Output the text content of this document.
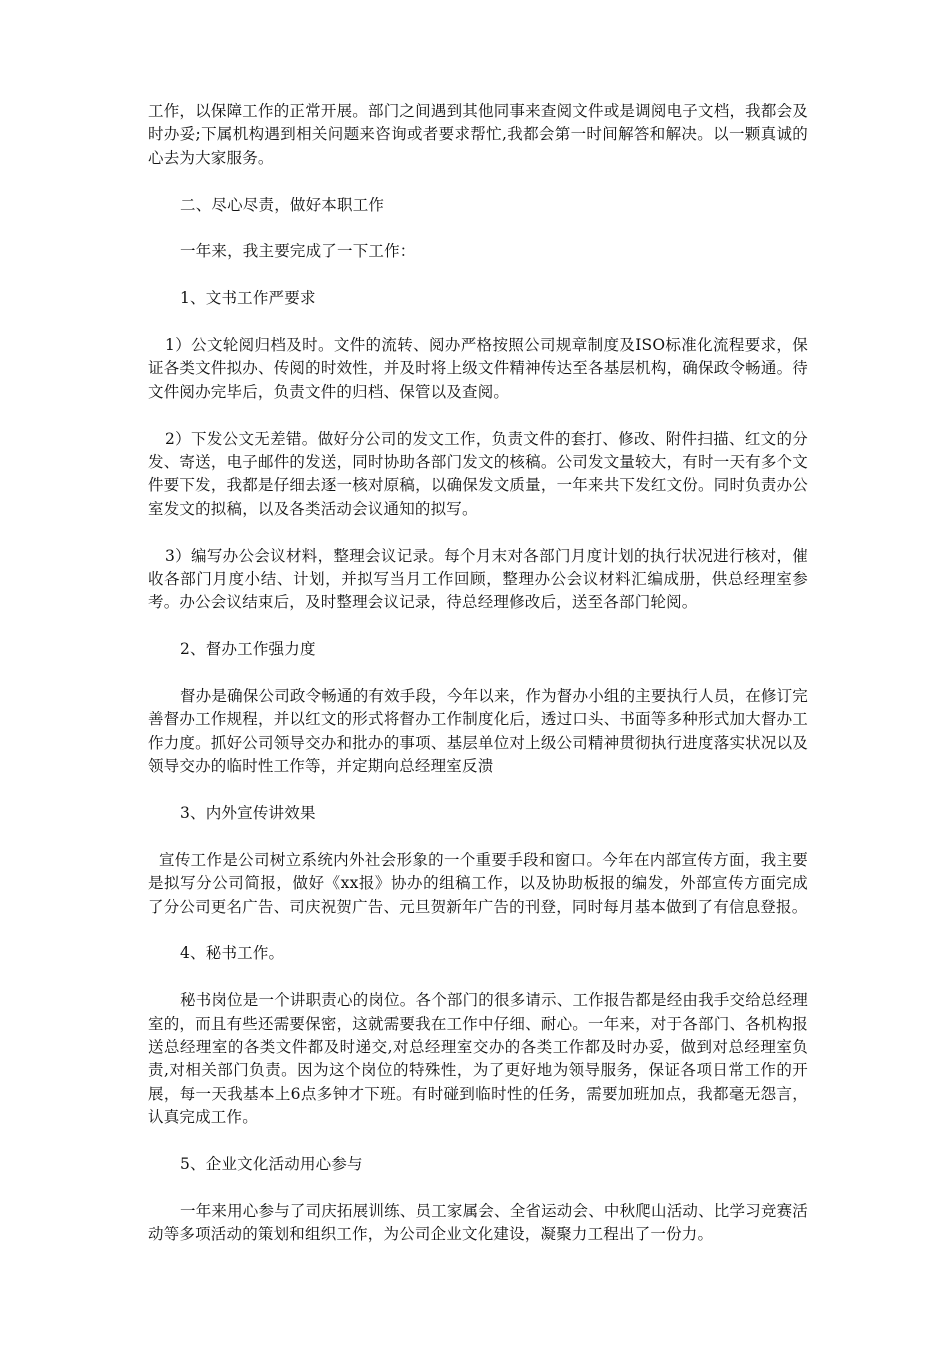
工作，以保障工作的正常开展。部门之间遇到其他同事来查阅文件或是调阅电子文档，我都会及时办妥;下属机构遇到相关问题来咨询或者要求帮忙,我都会第一时间解答和解决。以一颗真诚的心去为大家服务。

二、尽心尽责，做好本职工作

一年来，我主要完成了一下工作：

1、文书工作严要求

1）公文轮阅归档及时。文件的流转、阅办严格按照公司规章制度及ISO标准化流程要求，保证各类文件拟办、传阅的时效性，并及时将上级文件精神传达至各基层机构，确保政令畅通。待文件阅办完毕后，负责文件的归档、保管以及查阅。

2）下发公文无差错。做好分公司的发文工作，负责文件的套打、修改、附件扫描、红文的分发、寄送，电子邮件的发送，同时协助各部门发文的核稿。公司发文量较大，有时一天有多个文件要下发，我都是仔细去逐一核对原稿，以确保发文质量，一年来共下发红文份。同时负责办公室发文的拟稿，以及各类活动会议通知的拟写。

3）编写办公会议材料，整理会议记录。每个月末对各部门月度计划的执行状况进行核对，催收各部门月度小结、计划，并拟写当月工作回顾，整理办公会议材料汇编成册，供总经理室参考。办公会议结束后，及时整理会议记录，待总经理修改后，送至各部门轮阅。

2、督办工作强力度

督办是确保公司政令畅通的有效手段，今年以来，作为督办小组的主要执行人员，在修订完善督办工作规程，并以红文的形式将督办工作制度化后，透过口头、书面等多种形式加大督办工作力度。抓好公司领导交办和批办的事项、基层单位对上级公司精神贯彻执行进度落实状况以及领导交办的临时性工作等，并定期向总经理室反溃

3、内外宣传讲效果

宣传工作是公司树立系统内外社会形象的一个重要手段和窗口。今年在内部宣传方面，我主要是拟写分公司简报，做好《xx报》协办的组稿工作，以及协助板报的编发，外部宣传方面完成了分公司更名广告、司庆祝贺广告、元旦贺新年广告的刊登，同时每月基本做到了有信息登报。

4、秘书工作。

秘书岗位是一个讲职责心的岗位。各个部门的很多请示、工作报告都是经由我手交给总经理室的，而且有些还需要保密，这就需要我在工作中仔细、耐心。一年来，对于各部门、各机构报送总经理室的各类文件都及时递交,对总经理室交办的各类工作都及时办妥，做到对总经理室负责,对相关部门负责。因为这个岗位的特殊性，为了更好地为领导服务，保证各项日常工作的开展，每一天我基本上6点多钟才下班。有时碰到临时性的任务，需要加班加点，我都毫无怨言，认真完成工作。

5、企业文化活动用心参与

一年来用心参与了司庆拓展训练、员工家属会、全省运动会、中秋爬山活动、比学习竞赛活动等多项活动的策划和组织工作，为公司企业文化建设，凝聚力工程出了一份力。
